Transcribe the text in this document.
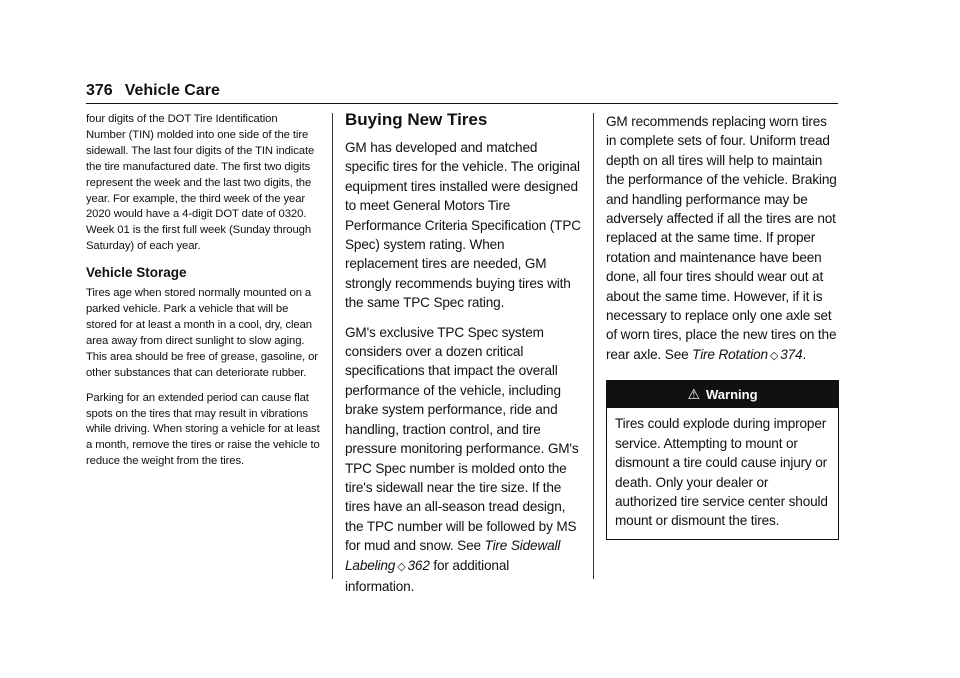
376 Vehicle Care

four digits of the DOT Tire Identification Number (TIN) molded into one side of the tire sidewall. The last four digits of the TIN indicate the tire manufactured date. The first two digits represent the week and the last two digits, the year. For example, the third week of the year 2020 would have a 4-digit DOT date of 0320. Week 01 is the first full week (Sunday through Saturday) of each year.

Vehicle Storage

Tires age when stored normally mounted on a parked vehicle. Park a vehicle that will be stored for at least a month in a cool, dry, clean area away from direct sunlight to slow aging. This area should be free of grease, gasoline, or other substances that can deteriorate rubber.

Parking for an extended period can cause flat spots on the tires that may result in vibrations while driving. When storing a vehicle for at least a month, remove the tires or raise the vehicle to reduce the weight from the tires.

Buying New Tires

GM has developed and matched specific tires for the vehicle. The original equipment tires installed were designed to meet General Motors Tire Performance Criteria Specification (TPC Spec) system rating. When replacement tires are needed, GM strongly recommends buying tires with the same TPC Spec rating.

GM's exclusive TPC Spec system considers over a dozen critical specifications that impact the overall performance of the vehicle, including brake system performance, ride and handling, traction control, and tire pressure monitoring performance. GM's TPC Spec number is molded onto the tire's sidewall near the tire size. If the tires have an all-season tread design, the TPC number will be followed by MS for mud and snow. See Tire Sidewall Labeling ◇ 362 for additional information.

GM recommends replacing worn tires in complete sets of four. Uniform tread depth on all tires will help to maintain the performance of the vehicle. Braking and handling performance may be adversely affected if all the tires are not replaced at the same time. If proper rotation and maintenance have been done, all four tires should wear out at about the same time. However, if it is necessary to replace only one axle set of worn tires, place the new tires on the rear axle. See Tire Rotation ◇ 374.

⚠ Warning

Tires could explode during improper service. Attempting to mount or dismount a tire could cause injury or death. Only your dealer or authorized tire service center should mount or dismount the tires.
